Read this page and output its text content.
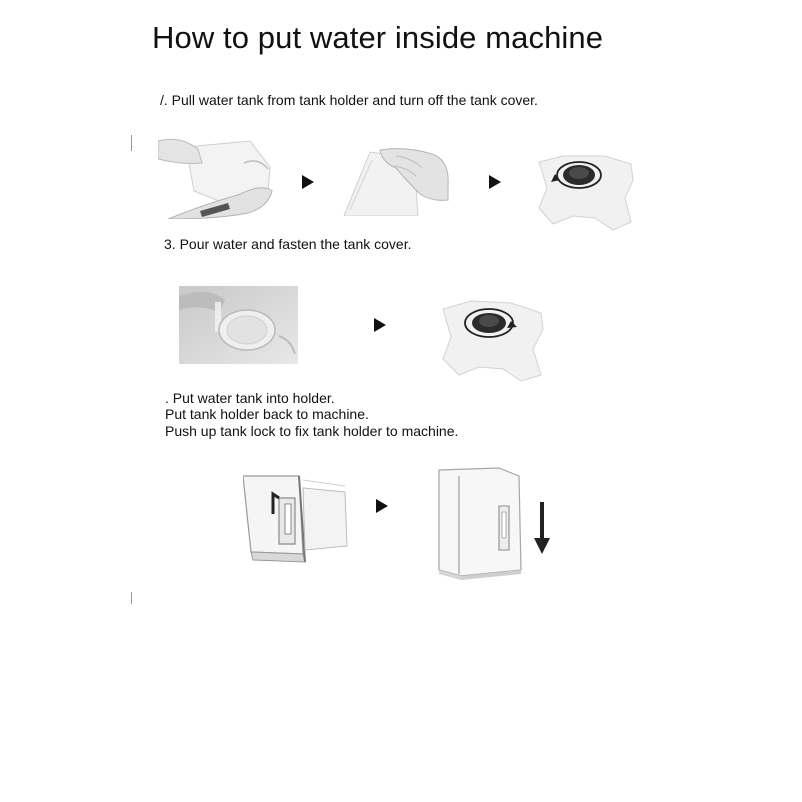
How to put water inside machine
/. Pull water tank from tank holder and turn off the tank cover.
3. Pour water and fasten the tank cover.
. Put water tank into holder.
Put tank holder back to machine.
Push up tank lock to fix tank holder to machine.
